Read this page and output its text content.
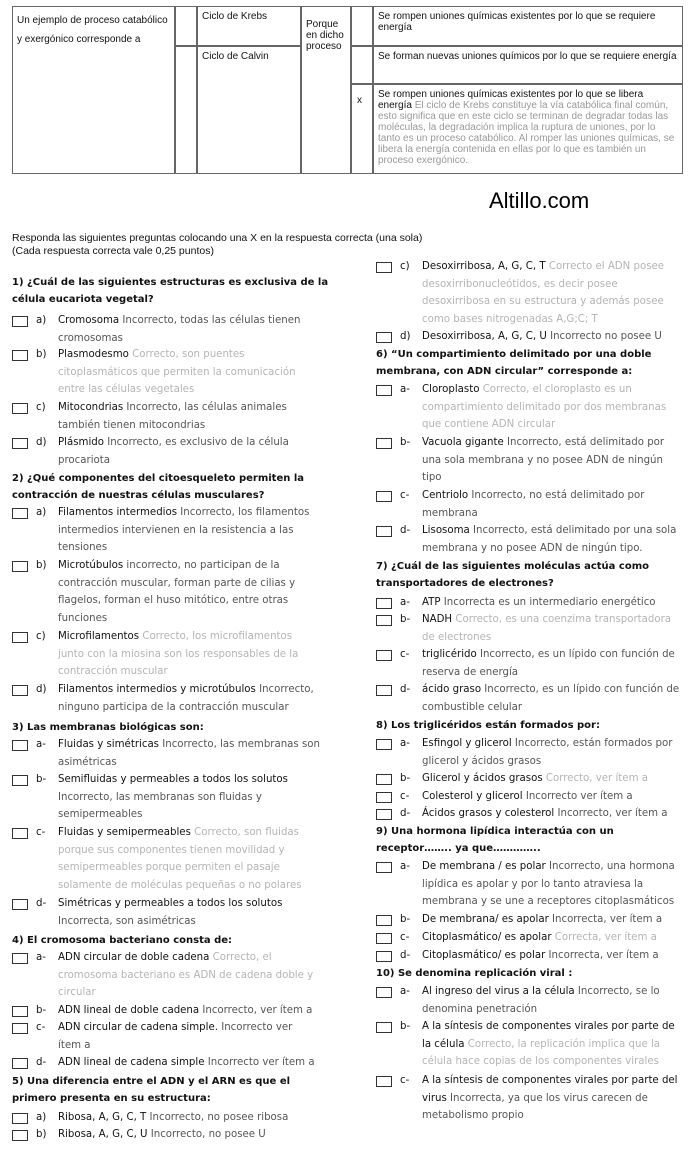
Un ejemplo de proceso catabólico y exergónico corresponde a
Ciclo de Krebs
Ciclo de Calvin
Porque en dicho proceso
x
Se rompen uniones químicas existentes por lo que se requiere energía
Se forman nuevas uniones químicos por lo que se requiere energía
Se rompen uniones químicas existentes por lo que se libera energía El ciclo de Krebs constituye la vía catabólica final común, esto significa que en este ciclo se terminan de degradar todas las moléculas, la degradación implica la ruptura de uniones, por lo tanto es un proceso catabólico. Al romper las uniones químicas, se libera la energía contenida en ellas por lo que es también un proceso exergónico.
Altillo.com
Responda las siguientes preguntas colocando una X en la respuesta correcta (una sola)
(Cada respuesta correcta vale 0,25 puntos)
1) ¿Cuál de las siguientes estructuras es exclusiva de la
célula eucariota vegetal?
a) Cromosoma Incorrecto, todas las células tienen
cromosomas
b) Plasmodesmo Correcto, son puentes
citoplasmáticos que permiten la comunicación
entre las células vegetales
c) Mitocondrias Incorrecto, las células animales
también tienen mitocondrias
d) Plásmido Incorrecto, es exclusivo de la célula
procariota
2) ¿Qué componentes del citoesqueleto permiten la
contracción de nuestras células musculares?
a) Filamentos intermedios Incorrecto, los filamentos
intermedios intervienen en la resistencia a las
tensiones
b) Microtúbulos incorrecto, no participan de la
contracción muscular, forman parte de cilias y
flagelos, forman el huso mitótico, entre otras
funciones
c) Microfilamentos Correcto, los microfilamentos
junto con la miosina son los responsables de la
contracción muscular
d) Filamentos intermedios y microtúbulos Incorrecto,
ninguno participa de la contracción muscular
3) Las membranas biológicas son:
a- Fluidas y simétricas Incorrecto, las membranas son
asimétricas
b- Semifluidas y permeables a todos los solutos
Incorrecto, las membranas son fluidas y
semipermeables
c- Fluidas y semipermeables Correcto, son fluidas
porque sus componentes tienen movilidad y
semipermeables porque permiten el pasaje
solamente de moléculas pequeñas o no polares
d- Simétricas y permeables a todos los solutos
Incorrecta, son asimétricas
4) El cromosoma bacteriano consta de:
a- ADN circular de doble cadena Correcto, el
cromosoma bacteriano es ADN de cadena doble y
circular
b- ADN lineal de doble cadena Incorrecto, ver ítem a
c- ADN circular de cadena simple. Incorrecto ver
ítem a
d- ADN lineal de cadena simple Incorrecto ver ítem a
5) Una diferencia entre el ADN y el ARN es que el
primero presenta en su estructura:
a) Ribosa, A, G, C, T Incorrecto, no posee ribosa
b) Ribosa, A, G, C, U Incorrecto, no posee U
c) Desoxirribosa, A, G, C, T Correcto el ADN posee
desoxirribonucleótidos, es decir posee
desoxirribosa en su estructura y además posee
como bases nitrogenadas A,G;C; T
d) Desoxirribosa, A, G, C, U Incorrecto no posee U
6) “Un compartimiento delimitado por una doble
membrana, con ADN circular” corresponde a:
a- Cloroplasto Correcto, el cloroplasto es un
compartimiento delimitado por dos membranas
que contiene ADN circular
b- Vacuola gigante Incorrecto, está delimitado por
una sola membrana y no posee ADN de ningún
tipo
c- Centriolo Incorrecto, no está delimitado por
membrana
d- Lisosoma Incorrecto, está delimitado por una sola
membrana y no posee ADN de ningún tipo.
7) ¿Cuál de las siguientes moléculas actúa como
transportadores de electrones?
a- ATP Incorrecta es un intermediario energético
b- NADH Correcto, es una coenzima transportadora
de electrones
c- triglicérido Incorrecto, es un lípido con función de
reserva de energía
d- ácido graso Incorrecto, es un lípido con función de
combustible celular
8) Los triglicéridos están formados por:
a- Esfingol y glicerol Incorrecto, están formados por
glicerol y ácidos grasos
b- Glicerol y ácidos grasos Correcto, ver ítem a
c- Colesterol y glicerol Incorrecto ver ítem a
d- Ácidos grasos y colesterol Incorrecto, ver ítem a
9) Una hormona lipídica interactúa con un
receptor…….. ya que…………..
a- De membrana / es polar Incorrecto, una hormona
lipídica es apolar y por lo tanto atraviesa la
membrana y se une a receptores citoplasmáticos
b- De membrana/ es apolar Incorrecta, ver ítem a
c- Citoplasmático/ es apolar Correcta, ver ítem a
d- Citoplasmático/ es polar Incorrecta, ver ítem a
10) Se denomina replicación viral :
a- Al ingreso del virus a la célula Incorrecto, se lo
denomina penetración
b- A la síntesis de componentes virales por parte de
la célula Correcto, la replicación implica que la
célula hace copias de los componentes virales
c- A la síntesis de componentes virales por parte del
virus Incorrecta, ya que los virus carecen de
metabolismo propio
